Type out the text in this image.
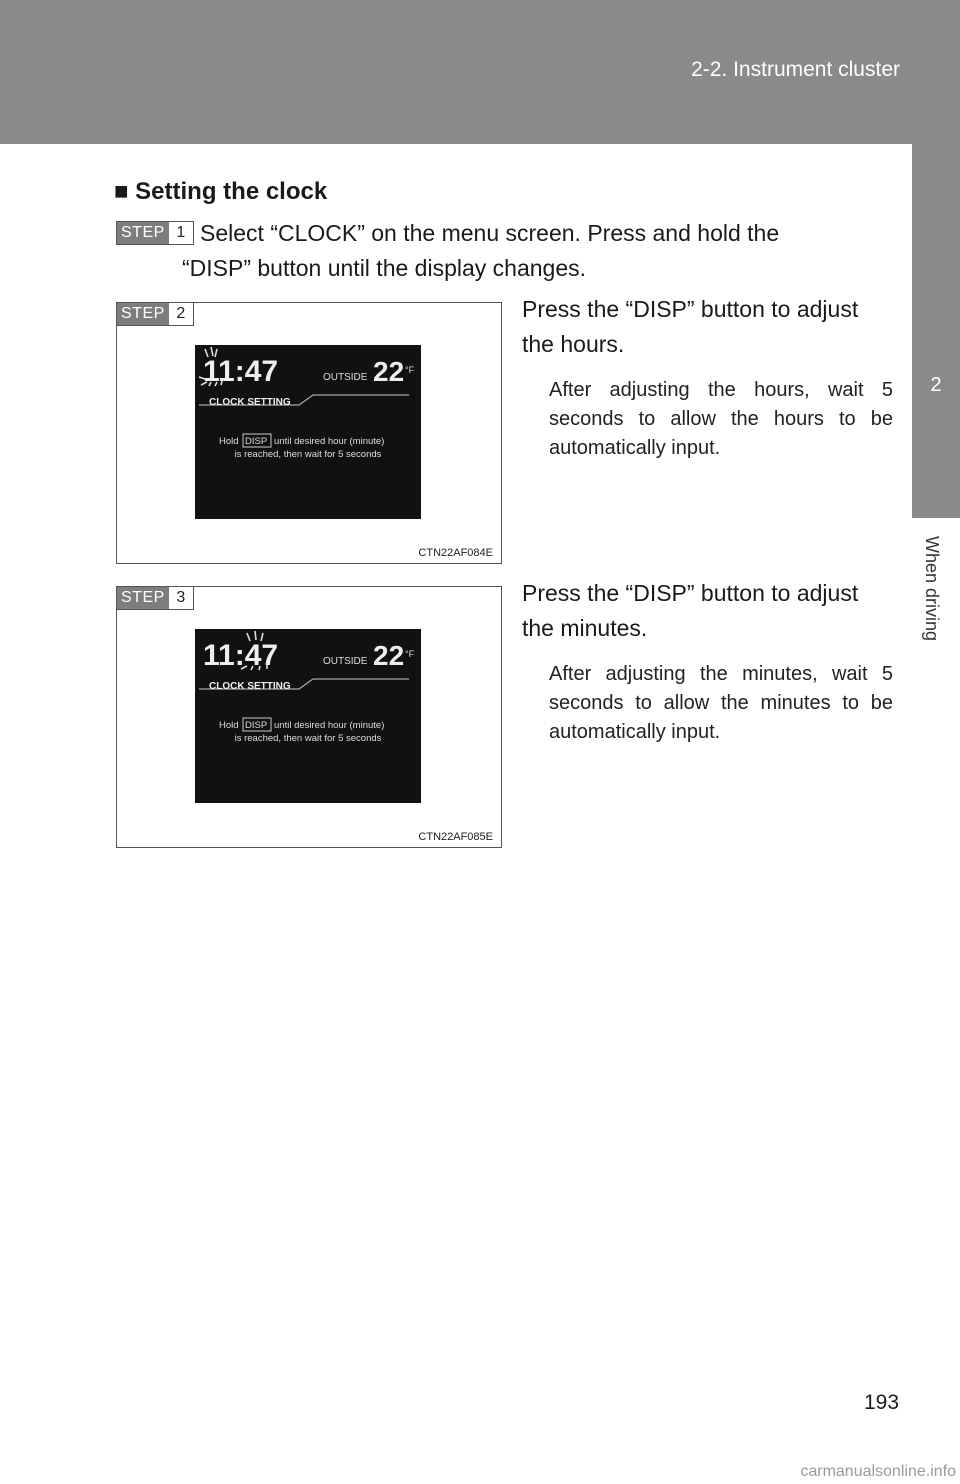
2-2. Instrument cluster
2
When driving
■ Setting the clock
STEP 1 Select “CLOCK” on the menu screen. Press and hold the
“DISP” button until the display changes.
STEP 2
11:47	OUTSIDE 22 °F
CLOCK SETTING
Hold DISP until desired hour (minute)
is reached, then wait for 5 seconds
CTN22AF084E
Press the “DISP” button to adjust the hours.
After adjusting the hours, wait 5 seconds to allow the hours to be automatically input.
STEP 3
11:47	OUTSIDE 22 °F
CLOCK SETTING
Hold DISP until desired hour (minute)
is reached, then wait for 5 seconds
CTN22AF085E
Press the “DISP” button to adjust the minutes.
After adjusting the minutes, wait 5 seconds to allow the minutes to be automatically input.
193
carmanualsonline.info
